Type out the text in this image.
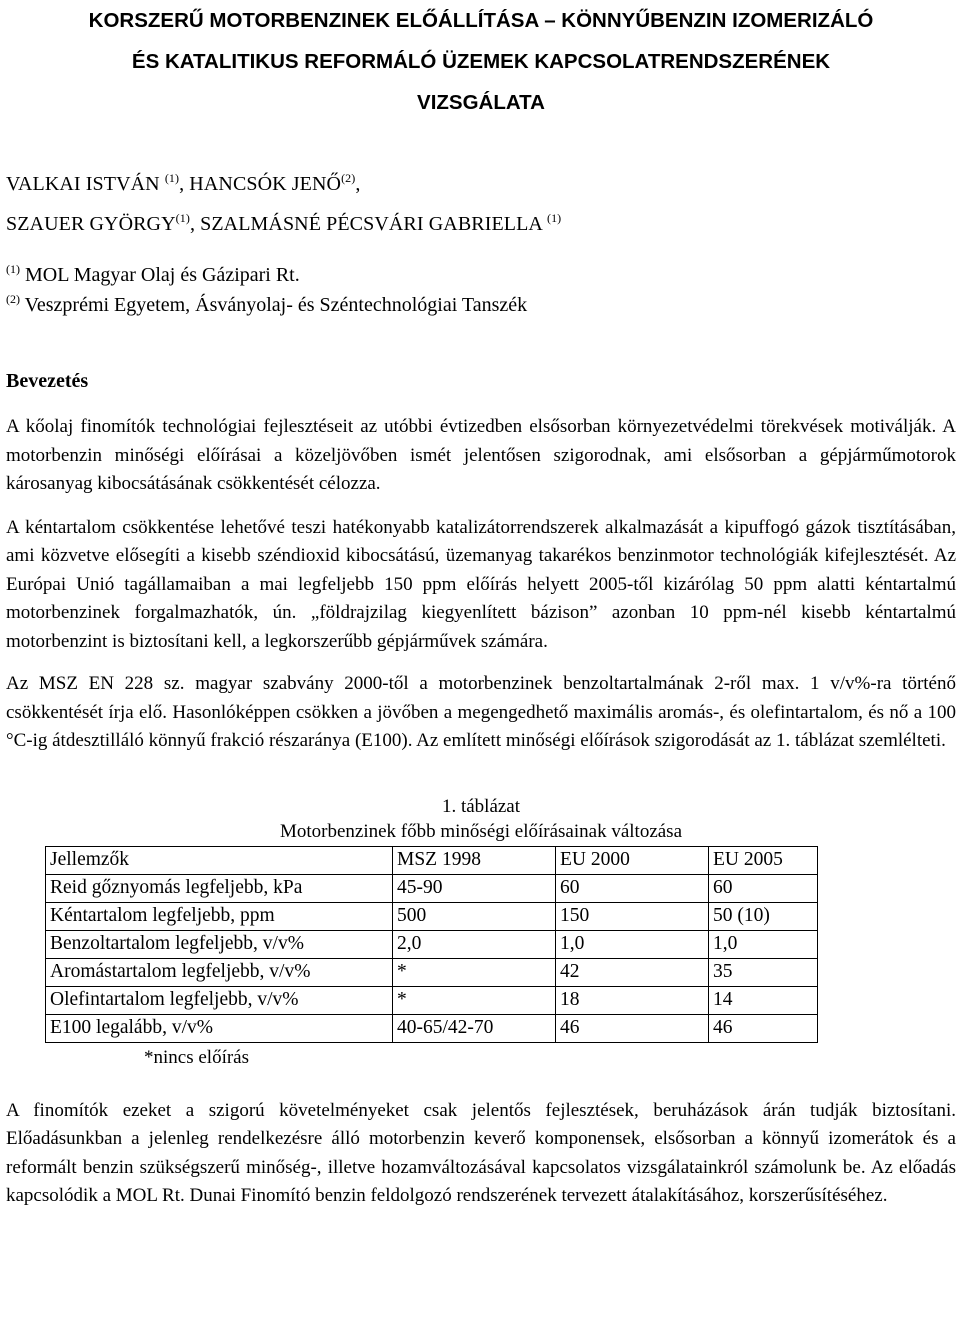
KORSZERŰ MOTORBENZINEK ELŐÁLLÍTÁSA – KÖNNYŰBENZIN IZOMERIZÁLÓ
ÉS KATALITIKUS REFORMÁLÓ ÜZEMEK KAPCSOLATRENDSZERÉNEK
VIZSGÁLATA
VALKAI ISTVÁN $^{(1)}$, HANCSÓK JENŐ$^{(2)}$,
SZAUER GYÖRGY$^{(1)}$, SZALMÁSNÉ PÉCSVÁRI GABRIELLA $^{(1)}$
$^{(1)}$ MOL Magyar Olaj és Gázipari Rt.
$^{(2)}$ Veszprémi Egyetem, Ásványolaj- és Széntechnológiai Tanszék
Bevezetés

A kőolaj finomítók technológiai fejlesztéseit az utóbbi évtizedben elsősorban környezetvédelmi törekvések motiválják. A motorbenzin minőségi előírásai a közeljövőben ismét jelentősen szigorodnak, ami elsősorban a gépjárműmotorok károsanyag kibocsátásának csökkentését célozza.

A kéntartalom csökkentése lehetővé teszi hatékonyabb katalizátorrendszerek alkalmazását a kipuffogó gázok tisztításában, ami közvetve elősegíti a kisebb széndioxid kibocsátású, üzemanyag takarékos benzinmotor technológiák kifejlesztését. Az Európai Unió tagállamaiban a mai legfeljebb 150 ppm előírás helyett 2005-től kizárólag 50 ppm alatti kéntartalmú motorbenzinek forgalmazhatók, ún. „földrajzilag kiegyenlített bázison” azonban 10 ppm-nél kisebb kéntartalmú motorbenzint is biztosítani kell, a legkorszerűbb gépjárművek számára.

Az MSZ EN 228 sz. magyar szabvány 2000-től a motorbenzinek benzoltartalmának 2-ről max. 1 v/v%-ra történő csökkentését írja elő. Hasonlóképpen csökken a jövőben a megengedhető maximális aromás-, és olefintartalom, és nő a 100 °C-ig átdesztilláló könnyű frakció részaránya (E100). Az említett minőségi előírások szigorodását az 1. táblázat szemlélteti.

1. táblázat
Motorbenzinek főbb minőségi előírásainak változása
Jellemzők	MSZ 1998	EU 2000	EU 2005
Reid gőznyomás legfeljebb, kPa	45-90	60	60
Kéntartalom legfeljebb, ppm	500	150	50 (10)
Benzoltartalom legfeljebb, v/v%	2,0	1,0	1,0
Aromástartalom legfeljebb, v/v%	*	42	35
Olefintartalom legfeljebb, v/v%	*	18	14
E100 legalább, v/v%	40-65/42-70	46	46
*nincs előírás

A finomítók ezeket a szigorú követelményeket csak jelentős fejlesztések, beruházások árán tudják biztosítani. Előadásunkban a jelenleg rendelkezésre álló motorbenzin keverő komponensek, elsősorban a könnyű izomerátok és a reformált benzin szükségszerű minőség-, illetve hozamváltozásával kapcsolatos vizsgálatainkról számolunk be. Az előadás kapcsolódik a MOL Rt. Dunai Finomító benzin feldolgozó rendszerének tervezett átalakításához, korszerűsítéséhez.
